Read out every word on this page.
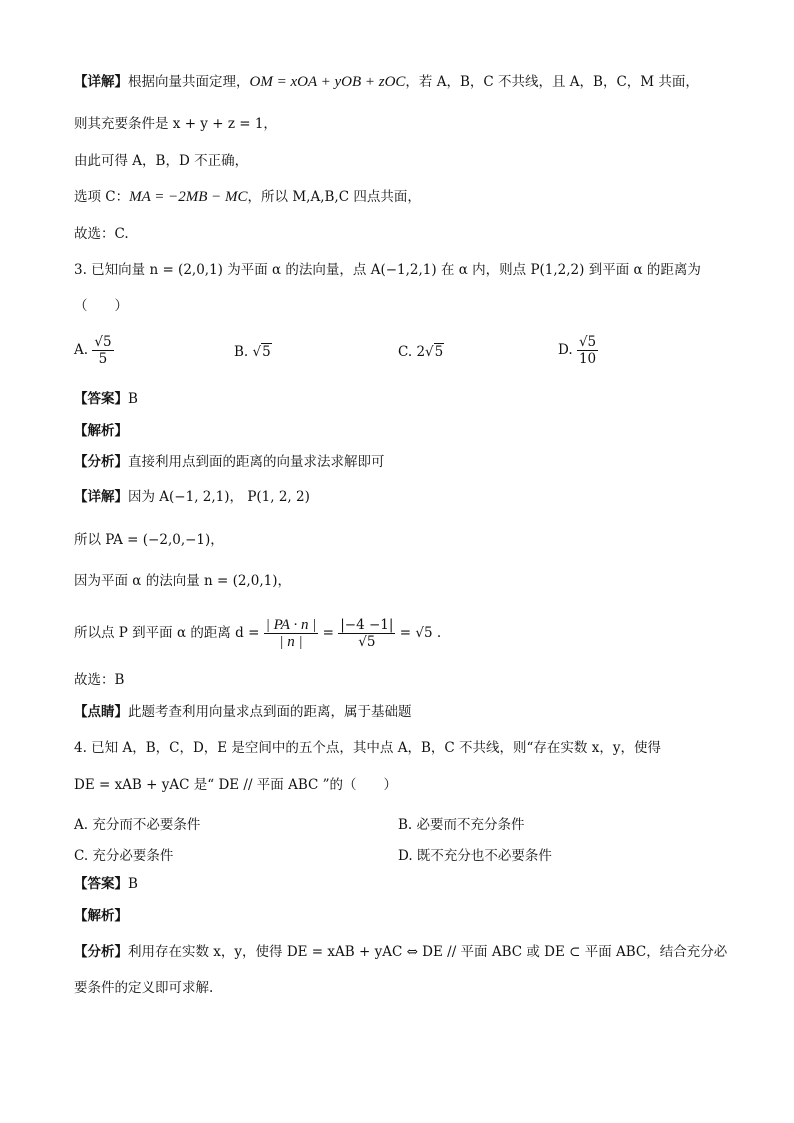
【详解】根据向量共面定理，OM = xOA + yOB + zOC，若 A，B，C 不共线，且 A，B，C，M 共面，
则其充要条件是 x + y + z = 1，
由此可得 A，B，D 不正确，
选项 C：MA = −2MB − MC，所以 M,A,B,C 四点共面，
故选：C.
3. 已知向量 n = (2,0,1) 为平面 α 的法向量，点 A(−1,2,1) 在 α 内，则点 P(1,2,2) 到平面 α 的距离为
（　　）
A. $\frac{√5}{5}$	B. √5	C. 2√5	D. $\frac{√5}{10}$
【答案】B
【解析】
【分析】直接利用点到面的距离的向量求法求解即可
【详解】因为 A(−1, 2,1)， P(1, 2, 2)
所以 PA = (−2,0,−1)，
因为平面 α 的法向量 n = (2,0,1)，
所以点 P 到平面 α 的距离 $d = \frac{| PA \cdot n |}{| n |} = \frac{|-4 -1|}{√5} = √5$ .
故选：B
【点睛】此题考查利用向量求点到面的距离，属于基础题
4. 已知 A，B，C，D，E 是空间中的五个点，其中点 A，B，C 不共线，则“存在实数 x，y，使得
DE = xAB + yAC 是“ DE // 平面 ABC ”的（　　）
A. 充分而不必要条件	B. 必要而不充分条件
C. 充分必要条件	D. 既不充分也不必要条件
【答案】B
【解析】
【分析】利用存在实数 x，y，使得 DE = xAB + yAC ⇔ DE // 平面 ABC 或 DE ⊂ 平面 ABC，结合充分必
要条件的定义即可求解.
